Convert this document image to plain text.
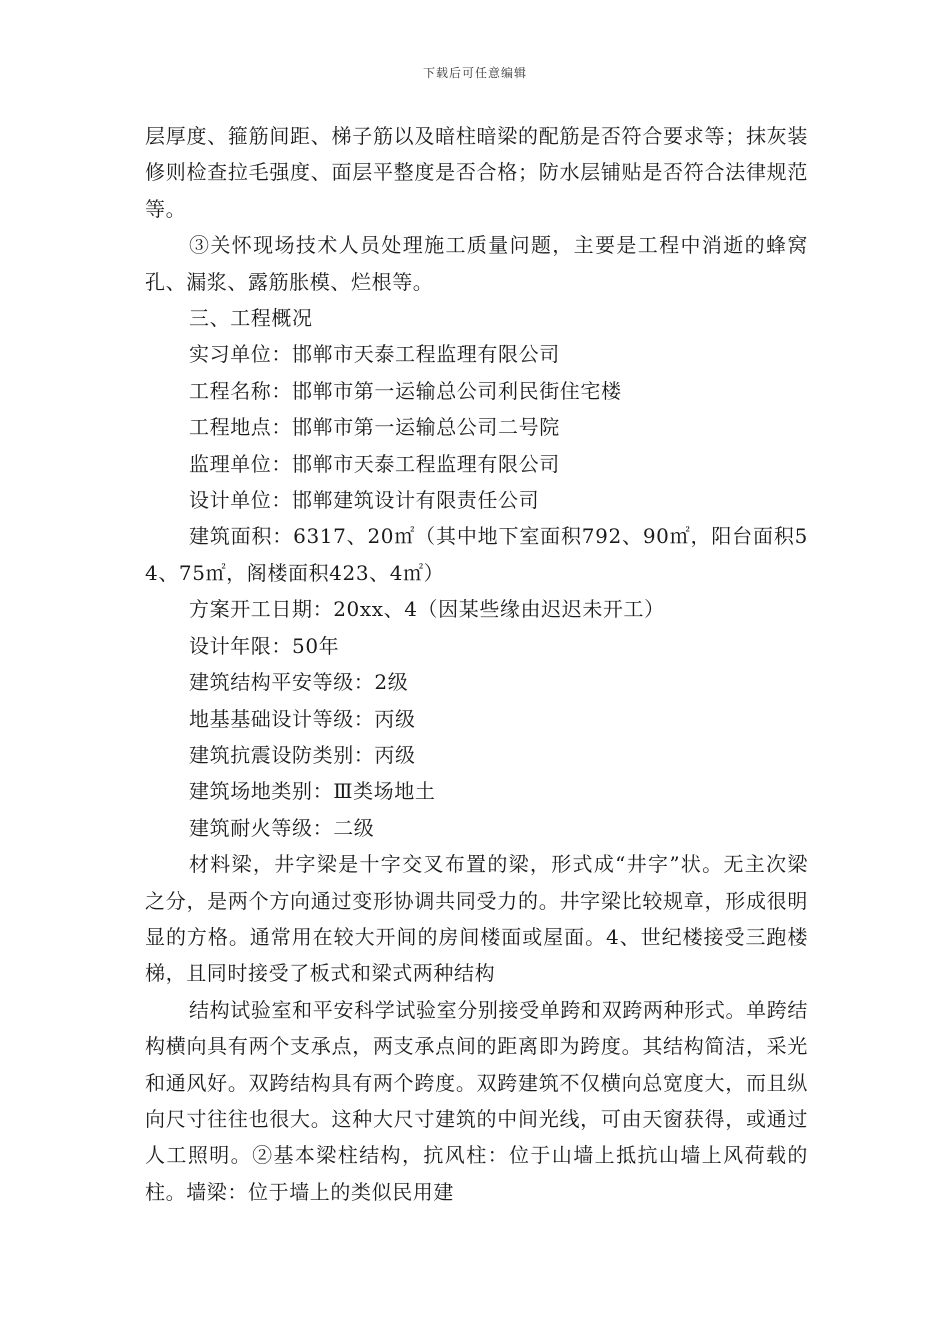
下载后可任意编辑

层厚度、箍筋间距、梯子筋以及暗柱暗梁的配筋是否符合要求等；抹灰装修则检查拉毛强度、面层平整度是否合格；防水层铺贴是否符合法律规范等。

③关怀现场技术人员处理施工质量问题，主要是工程中消逝的蜂窝孔、漏浆、露筋胀模、烂根等。

三、工程概况

实习单位：邯郸市天泰工程监理有限公司

工程名称：邯郸市第一运输总公司利民街住宅楼

工程地点：邯郸市第一运输总公司二号院

监理单位：邯郸市天泰工程监理有限公司

设计单位：邯郸建筑设计有限责任公司

建筑面积：6317、20㎡（其中地下室面积792、90㎡，阳台面积54、75㎡，阁楼面积423、4㎡）

方案开工日期：20xx、4（因某些缘由迟迟未开工）

设计年限：50年

建筑结构平安等级：2级

地基基础设计等级：丙级

建筑抗震设防类别：丙级

建筑场地类别：Ⅲ类场地土

建筑耐火等级：二级

材料梁，井字梁是十字交叉布置的梁，形式成“井字”状。无主次梁之分，是两个方向通过变形协调共同受力的。井字梁比较规章，形成很明显的方格。通常用在较大开间的房间楼面或屋面。4、世纪楼接受三跑楼梯，且同时接受了板式和梁式两种结构

结构试验室和平安科学试验室分别接受单跨和双跨两种形式。单跨结构横向具有两个支承点，两支承点间的距离即为跨度。其结构简洁，采光和通风好。双跨结构具有两个跨度。双跨建筑不仅横向总宽度大，而且纵向尺寸往往也很大。这种大尺寸建筑的中间光线，可由天窗获得，或通过人工照明。②基本梁柱结构，抗风柱：位于山墙上抵抗山墙上风荷载的柱。墙梁：位于墙上的类似民用建
